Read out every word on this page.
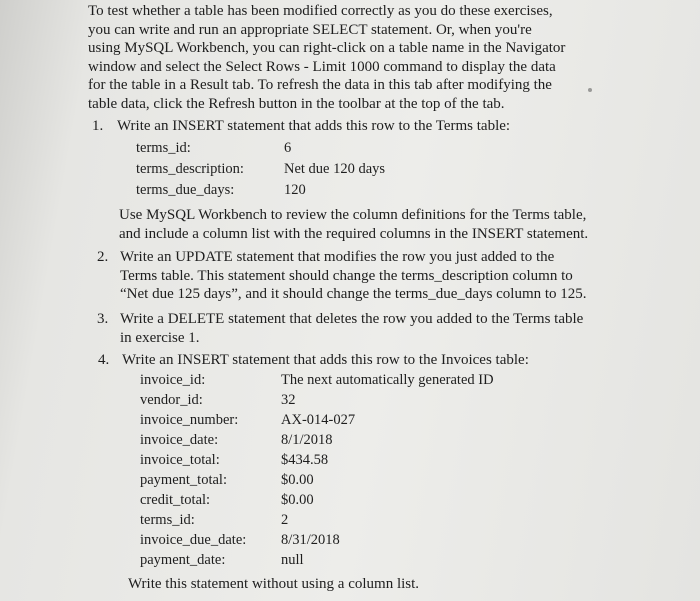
To test whether a table has been modified correctly as you do these exercises,
you can write and run an appropriate SELECT statement. Or, when you're
using MySQL Workbench, you can right-click on a table name in the Navigator
window and select the Select Rows - Limit 1000 command to display the data
for the table in a Result tab. To refresh the data in this tab after modifying the
table data, click the Refresh button in the toolbar at the top of the tab.
1. Write an INSERT statement that adds this row to the Terms table:
terms_id:	6
terms_description:	Net due 120 days
terms_due_days:	120
Use MySQL Workbench to review the column definitions for the Terms table,
and include a column list with the required columns in the INSERT statement.
2. Write an UPDATE statement that modifies the row you just added to the
Terms table. This statement should change the terms_description column to
“Net due 125 days”, and it should change the terms_due_days column to 125.
3. Write a DELETE statement that deletes the row you added to the Terms table
in exercise 1.
4. Write an INSERT statement that adds this row to the Invoices table:
invoice_id:	The next automatically generated ID
vendor_id:	32
invoice_number:	AX-014-027
invoice_date:	8/1/2018
invoice_total:	$434.58
payment_total:	$0.00
credit_total:	$0.00
terms_id:	2
invoice_due_date: 8/31/2018
payment_date:	null
Write this statement without using a column list.
